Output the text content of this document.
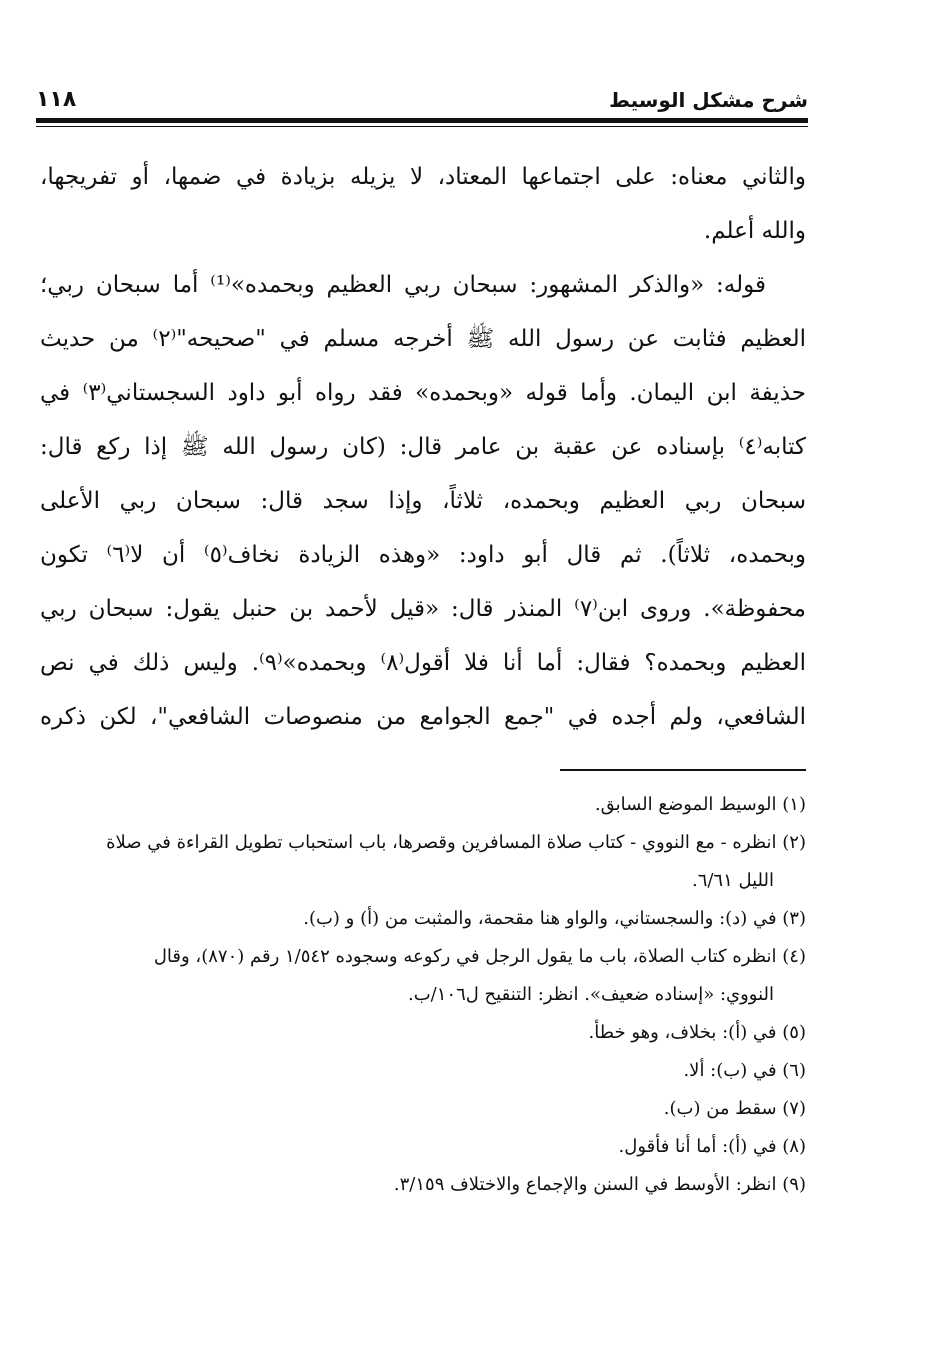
شرح مشكل الوسيط
١١٨
والثاني معناه: على اجتماعها المعتاد، لا يزيله بزيادة في ضمها، أو تفريجها،
والله أعلم.
قوله: «والذكر المشهور: سبحان ربي العظيم وبحمده»⁽¹⁾ أما سبحان ربي؛
العظيم فثابت عن رسول الله ﷺ أخرجه مسلم في "صحيحه"⁽٢⁾ من حديث
حذيفة ابن اليمان. وأما قوله «وبحمده» فقد رواه أبو داود السجستاني⁽٣⁾ في
كتابه⁽٤⁾ بإسناده عن عقبة بن عامر قال: (كان رسول الله ﷺ إذا ركع قال:
سبحان ربي العظيم وبحمده، ثلاثاً، وإذا سجد قال: سبحان ربي الأعلى
وبحمده، ثلاثاً). ثم قال أبو داود: «وهذه الزيادة نخاف⁽٥⁾ أن لا⁽٦⁾ تكون
محفوظة». وروى ابن⁽٧⁾ المنذر قال: «قيل لأحمد بن حنبل يقول: سبحان ربي
العظيم وبحمده؟ فقال: أما أنا فلا أقول⁽٨⁾ وبحمده»⁽٩⁾. وليس ذلك في نص
الشافعي، ولم أجده في "جمع الجوامع من منصوصات الشافعي"، لكن ذكره
(١) الوسيط الموضع السابق.
(٢) انظره - مع النووي - كتاب صلاة المسافرين وقصرها، باب استحباب تطويل القراءة في صلاة
الليل ٦/٦١.
(٣) في (د): والسجستاني، والواو هنا مقحمة، والمثبت من (أ) و (ب).
(٤) انظره كتاب الصلاة، باب ما يقول الرجل في ركوعه وسجوده ١/٥٤٢ رقم (٨٧٠)، وقال
النووي: «إسناده ضعيف». انظر: التنقيح ل١٠٦/ب.
(٥) في (أ): بخلاف، وهو خطأ.
(٦) في (ب): ألا.
(٧) سقط من (ب).
(٨) في (أ): أما أنا فأقول.
(٩) انظر: الأوسط في السنن والإجماع والاختلاف ٣/١٥٩.
